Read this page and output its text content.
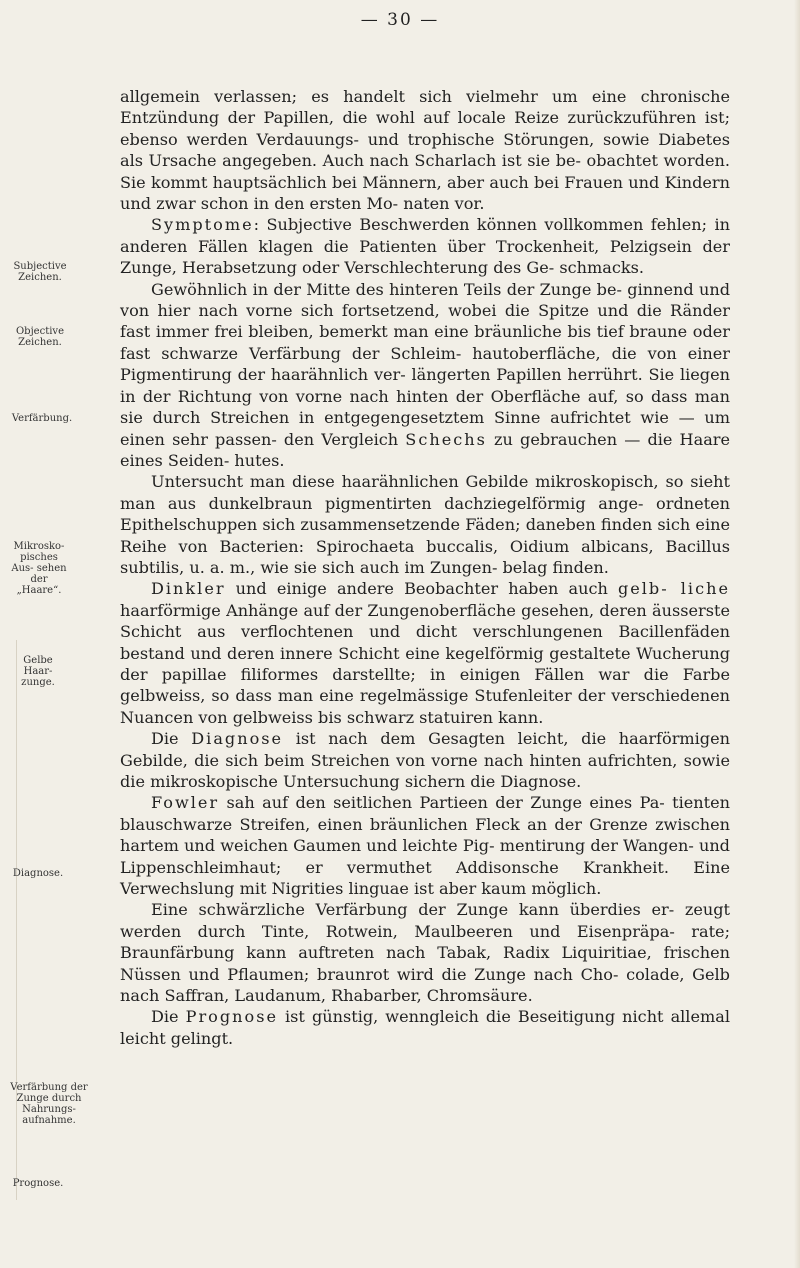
— 30 —
Subjective Zeichen.
Objective Zeichen.
Verfärbung.
Mikrosko- pisches Aus- sehen der „Haare“.
Gelbe Haar- zunge.
Diagnose.
Verfärbung der Zunge durch Nahrungs- aufnahme.
Prognose.

allgemein verlassen; es handelt sich vielmehr um eine chronische Entzündung der Papillen, die wohl auf locale Reize zurückzuführen ist; ebenso werden Verdauungs- und trophische Störungen, sowie Diabetes als Ursache angegeben. Auch nach Scharlach ist sie be- obachtet worden. Sie kommt hauptsächlich bei Männern, aber auch bei Frauen und Kindern und zwar schon in den ersten Mo- naten vor.

Symptome: Subjective Beschwerden können vollkommen fehlen; in anderen Fällen klagen die Patienten über Trockenheit, Pelzigsein der Zunge, Herabsetzung oder Verschlechterung des Ge- schmacks.

Gewöhnlich in der Mitte des hinteren Teils der Zunge be- ginnend und von hier nach vorne sich fortsetzend, wobei die Spitze und die Ränder fast immer frei bleiben, bemerkt man eine bräunliche bis tief braune oder fast schwarze Verfärbung der Schleim- hautoberfläche, die von einer Pigmentirung der haarähnlich ver- längerten Papillen herrührt. Sie liegen in der Richtung von vorne nach hinten der Oberfläche auf, so dass man sie durch Streichen in entgegengesetztem Sinne aufrichtet wie — um einen sehr passen- den Vergleich Schechs zu gebrauchen — die Haare eines Seiden- hutes.

Untersucht man diese haarähnlichen Gebilde mikroskopisch, so sieht man aus dunkelbraun pigmentirten dachziegelförmig ange- ordneten Epithelschuppen sich zusammensetzende Fäden; daneben finden sich eine Reihe von Bacterien: Spirochaeta buccalis, Oidium albicans, Bacillus subtilis, u. a. m., wie sie sich auch im Zungen- belag finden.

Dinkler und einige andere Beobachter haben auch gelb- liche haarförmige Anhänge auf der Zungenoberfläche gesehen, deren äusserste Schicht aus verflochtenen und dicht verschlungenen Bacillenfäden bestand und deren innere Schicht eine kegelförmig gestaltete Wucherung der papillae filiformes darstellte; in einigen Fällen war die Farbe gelbweiss, so dass man eine regelmässige Stufenleiter der verschiedenen Nuancen von gelbweiss bis schwarz statuiren kann.

Die Diagnose ist nach dem Gesagten leicht, die haarförmigen Gebilde, die sich beim Streichen von vorne nach hinten aufrichten, sowie die mikroskopische Untersuchung sichern die Diagnose.

Fowler sah auf den seitlichen Partieen der Zunge eines Pa- tienten blauschwarze Streifen, einen bräunlichen Fleck an der Grenze zwischen hartem und weichen Gaumen und leichte Pig- mentirung der Wangen- und Lippenschleimhaut; er vermuthet Addisonsche Krankheit. Eine Verwechslung mit Nigrities linguae ist aber kaum möglich.

Eine schwärzliche Verfärbung der Zunge kann überdies er- zeugt werden durch Tinte, Rotwein, Maulbeeren und Eisenpräpa- rate; Braunfärbung kann auftreten nach Tabak, Radix Liquiritiae, frischen Nüssen und Pflaumen; braunrot wird die Zunge nach Cho- colade, Gelb nach Saffran, Laudanum, Rhabarber, Chromsäure.

Die Prognose ist günstig, wenngleich die Beseitigung nicht allemal leicht gelingt.
